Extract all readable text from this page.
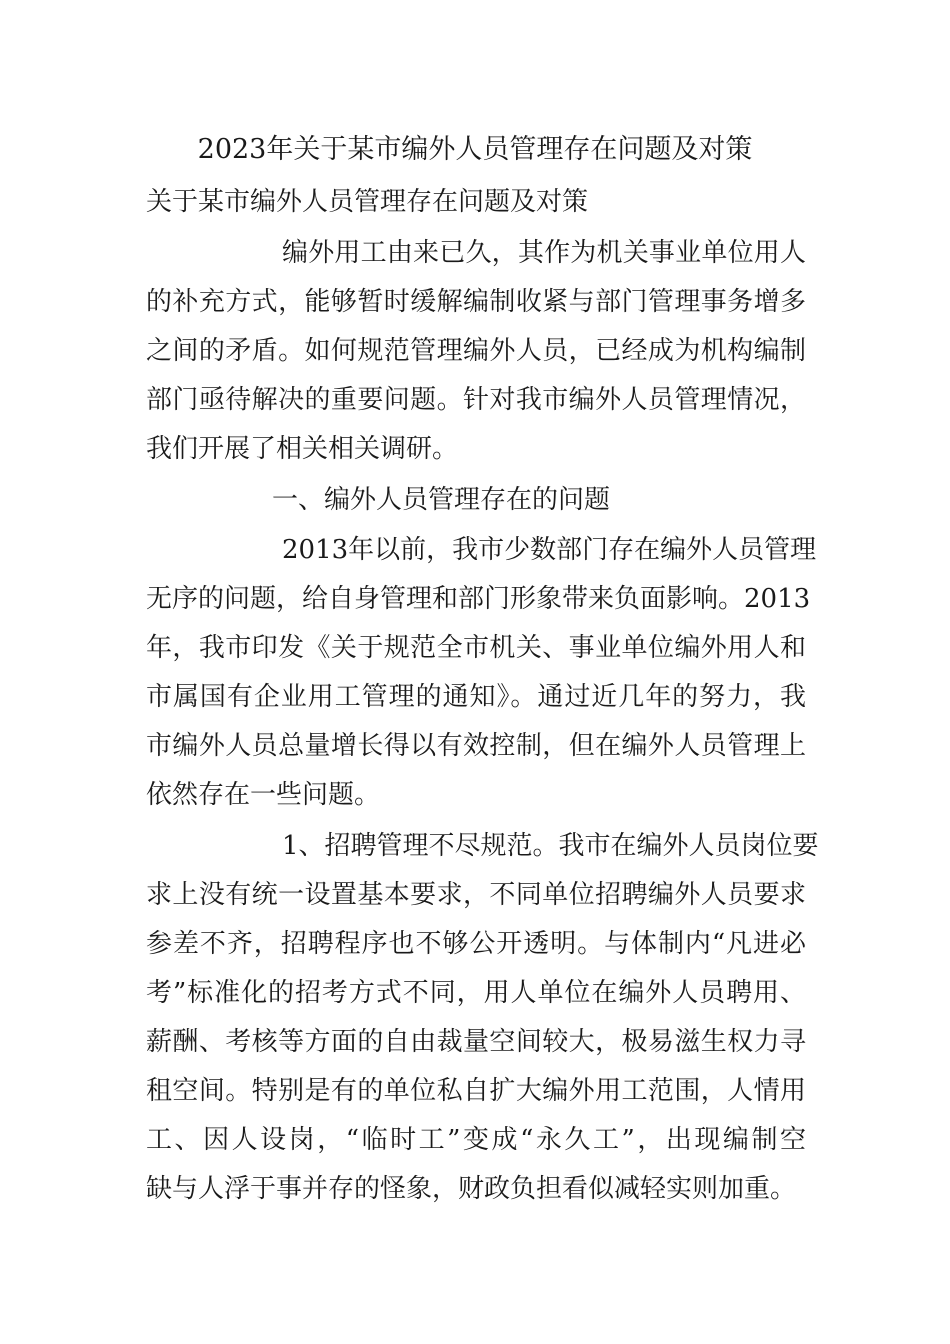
2023年关于某市编外人员管理存在问题及对策
关于某市编外人员管理存在问题及对策
编外用工由来已久，其作为机关事业单位用人
的补充方式，能够暂时缓解编制收紧与部门管理事务增多
之间的矛盾。如何规范管理编外人员，已经成为机构编制
部门亟待解决的重要问题。针对我市编外人员管理情况，
我们开展了相关相关调研。
一、编外人员管理存在的问题
2013年以前，我市少数部门存在编外人员管理
无序的问题，给自身管理和部门形象带来负面影响。2013
年，我市印发《关于规范全市机关、事业单位编外用人和
市属国有企业用工管理的通知》。通过近几年的努力，我
市编外人员总量增长得以有效控制，但在编外人员管理上
依然存在一些问题。
1、招聘管理不尽规范。我市在编外人员岗位要
求上没有统一设置基本要求，不同单位招聘编外人员要求
参差不齐，招聘程序也不够公开透明。与体制内“凡进必
考”标准化的招考方式不同，用人单位在编外人员聘用、
薪酬、考核等方面的自由裁量空间较大，极易滋生权力寻
租空间。特别是有的单位私自扩大编外用工范围，人情用
工、因人设岗，“临时工”变成“永久工”，出现编制空
缺与人浮于事并存的怪象，财政负担看似减轻实则加重。
